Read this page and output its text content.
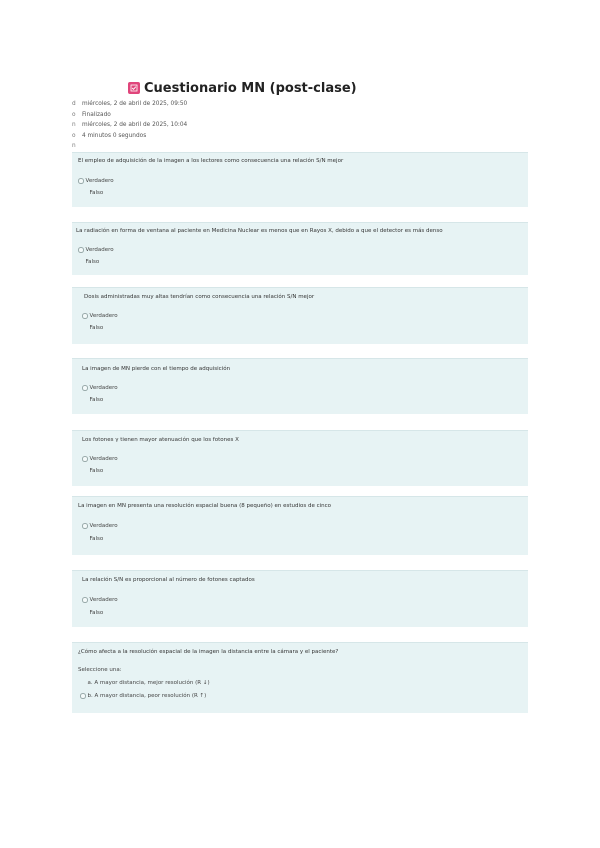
Cuestionario MN (post-clase)
d	miércoles, 2 de abril de 2025, 09:50
o	Finalizado
n	miércoles, 2 de abril de 2025, 10:04
o	4 minutos 0 segundos
n
El empleo de adquisición de la imagen a los lectores como consecuencia una relación S/N mejor
Verdadero
Falso
La radiación en forma de ventana al paciente en Medicina Nuclear es menos que en Rayos X, debido a que el detector es más denso
Verdadero
Falso
Dosis administradas muy altas tendrían como consecuencia una relación S/N mejor
Verdadero
Falso
La imagen de MN pierde con el tiempo de adquisición
Verdadero
Falso
Los fotones γ tienen mayor atenuación que los fotones X
Verdadero
Falso
La imagen en MN presenta una resolución espacial buena (8 pequeño) en estudios de cinco
Verdadero
Falso
La relación S/N es proporcional al número de fotones captados
Verdadero
Falso
¿Cómo afecta a la resolución espacial de la imagen la distancia entre la cámara y el paciente?
Seleccione una:
a. A mayor distancia, mejor resolución (R ↓)
b. A mayor distancia, peor resolución (R ↑)
